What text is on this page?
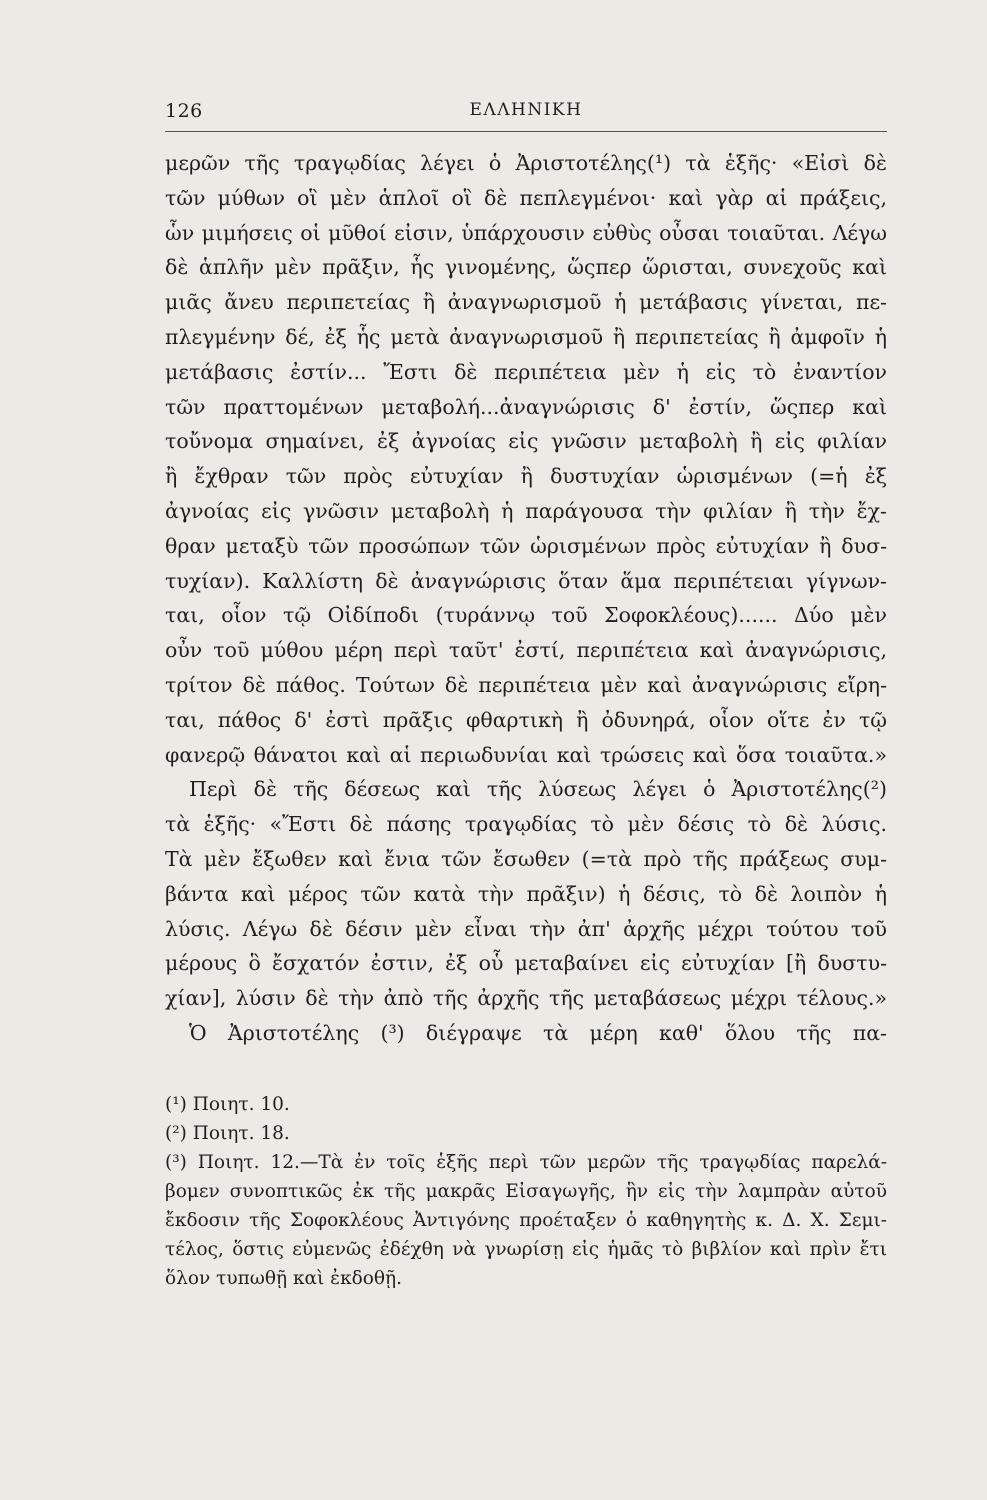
126	ΕΛΛΗΝΙΚΗ
μερῶν τῆς τραγῳδίας λέγει ὁ Ἀριστοτέλης(¹) τὰ ἑξῆς· «Εἰσὶ δὲ
τῶν μύθων οἳ μὲν ἁπλοῖ οἳ δὲ πεπλεγμένοι· καὶ γὰρ αἱ πράξεις,
ὧν μιμήσεις οἱ μῦθοί εἰσιν, ὑπάρχουσιν εὐθὺς οὖσαι τοιαῦται. Λέγω
δὲ ἁπλῆν μὲν πρᾶξιν, ἧς γινομένης, ὥςπερ ὥρισται, συνεχοῦς καὶ
μιᾶς ἄνευ περιπετείας ἢ ἀναγνωρισμοῦ ἡ μετάβασις γίνεται, πε-
πλεγμένην δέ, ἐξ ἧς μετὰ ἀναγνωρισμοῦ ἢ περιπετείας ἢ ἀμφοῖν ἡ
μετάβασις ἐστίν... Ἔστι δὲ περιπέτεια μὲν ἡ εἰς τὸ ἐναντίον
τῶν πραττομένων μεταβολή...ἀναγνώρισις δ' ἐστίν, ὥςπερ καὶ
τοὔνομα σημαίνει, ἐξ ἀγνοίας εἰς γνῶσιν μεταβολὴ ἢ εἰς φιλίαν
ἢ ἔχθραν τῶν πρὸς εὐτυχίαν ἢ δυστυχίαν ὡρισμένων (=ἡ ἐξ
ἀγνοίας εἰς γνῶσιν μεταβολὴ ἡ παράγουσα τὴν φιλίαν ἢ τὴν ἔχ-
θραν μεταξὺ τῶν προσώπων τῶν ὡρισμένων πρὸς εὐτυχίαν ἢ δυσ-
τυχίαν). Καλλίστη δὲ ἀναγνώρισις ὅταν ἅμα περιπέτειαι γίγνων-
ται, οἷον τῷ Οἰδίποδι (τυράννῳ τοῦ Σοφοκλέους)...... Δύο μὲν
οὖν τοῦ μύθου μέρη περὶ ταῦτ' ἐστί, περιπέτεια καὶ ἀναγνώρισις,
τρίτον δὲ πάθος. Τούτων δὲ περιπέτεια μὲν καὶ ἀναγνώρισις εἴρη-
ται, πάθος δ' ἐστὶ πρᾶξις φθαρτικὴ ἢ ὀδυνηρά, οἷον οἵτε ἐν τῷ
φανερῷ θάνατοι καὶ αἱ περιωδυνίαι καὶ τρώσεις καὶ ὅσα τοιαῦτα.»
Περὶ δὲ τῆς δέσεως καὶ τῆς λύσεως λέγει ὁ Ἀριστοτέλης(²)
τὰ ἑξῆς· «Ἔστι δὲ πάσης τραγῳδίας τὸ μὲν δέσις τὸ δὲ λύσις.
Τὰ μὲν ἔξωθεν καὶ ἔνια τῶν ἔσωθεν (=τὰ πρὸ τῆς πράξεως συμ-
βάντα καὶ μέρος τῶν κατὰ τὴν πρᾶξιν) ἡ δέσις, τὸ δὲ λοιπὸν ἡ
λύσις. Λέγω δὲ δέσιν μὲν εἶναι τὴν ἀπ' ἀρχῆς μέχρι τούτου τοῦ
μέρους ὃ ἔσχατόν ἐστιν, ἐξ οὗ μεταβαίνει εἰς εὐτυχίαν [ἢ δυστυ-
χίαν], λύσιν δὲ τὴν ἀπὸ τῆς ἀρχῆς τῆς μεταβάσεως μέχρι τέλους.»
Ὁ Ἀριστοτέλης (³) διέγραψε τὰ μέρη καθ' ὅλου τῆς πα-
(¹) Ποιητ. 10.
(²) Ποιητ. 18.
(³) Ποιητ. 12.—Τὰ ἐν τοῖς ἑξῆς περὶ τῶν μερῶν τῆς τραγῳδίας παρελά-
βομεν συνοπτικῶς ἐκ τῆς μακρᾶς Εἰσαγωγῆς, ἣν εἰς τὴν λαμπρὰν αὐτοῦ
ἔκδοσιν τῆς Σοφοκλέους Ἀντιγόνης προέταξεν ὁ καθηγητὴς κ. Δ. Χ. Σεμι-
τέλος, ὅστις εὐμενῶς ἐδέχθη νὰ γνωρίσῃ εἰς ἡμᾶς τὸ βιβλίον καὶ πρὶν ἔτι
ὅλον τυπωθῇ καὶ ἐκδοθῇ.
